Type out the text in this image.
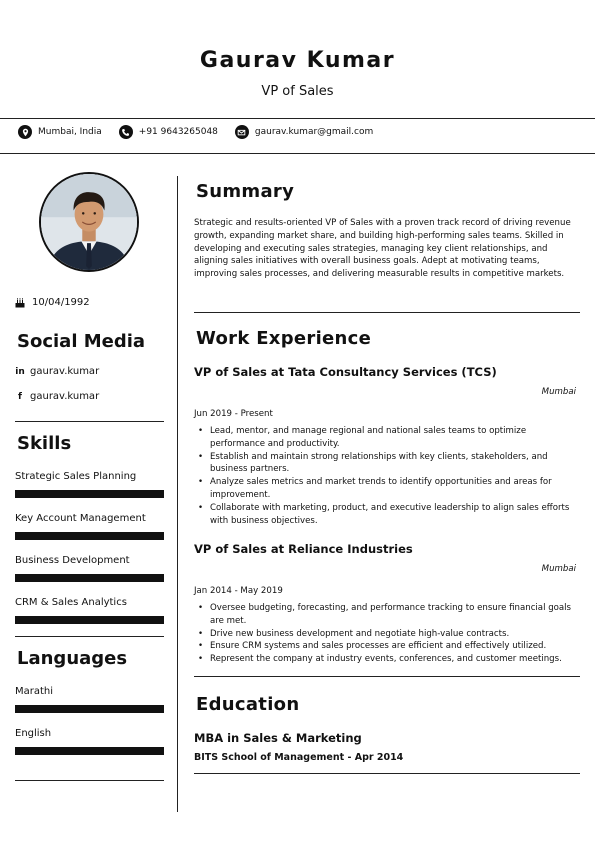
Gaurav Kumar
VP of Sales
Mumbai, India	+91 9643265048	gaurav.kumar@gmail.com
10/04/1992
Social Media
in gaurav.kumar
f gaurav.kumar
Skills
Strategic Sales Planning
Key Account Management
Business Development
CRM & Sales Analytics
Languages
Marathi
English
Summary
Strategic and results-oriented VP of Sales with a proven track record of driving revenue growth, expanding market share, and building high-performing sales teams. Skilled in developing and executing sales strategies, managing key client relationships, and aligning sales initiatives with overall business goals. Adept at motivating teams, improving sales processes, and delivering measurable results in competitive markets.
Work Experience
VP of Sales at Tata Consultancy Services (TCS)
Mumbai
Jun 2019 - Present
• Lead, mentor, and manage regional and national sales teams to optimize performance and productivity.
• Establish and maintain strong relationships with key clients, stakeholders, and business partners.
• Analyze sales metrics and market trends to identify opportunities and areas for improvement.
• Collaborate with marketing, product, and executive leadership to align sales efforts with business objectives.
VP of Sales at Reliance Industries
Mumbai
Jan 2014 - May 2019
• Oversee budgeting, forecasting, and performance tracking to ensure financial goals are met.
• Drive new business development and negotiate high-value contracts.
• Ensure CRM systems and sales processes are efficient and effectively utilized.
• Represent the company at industry events, conferences, and customer meetings.
Education
MBA in Sales & Marketing
BITS School of Management - Apr 2014
